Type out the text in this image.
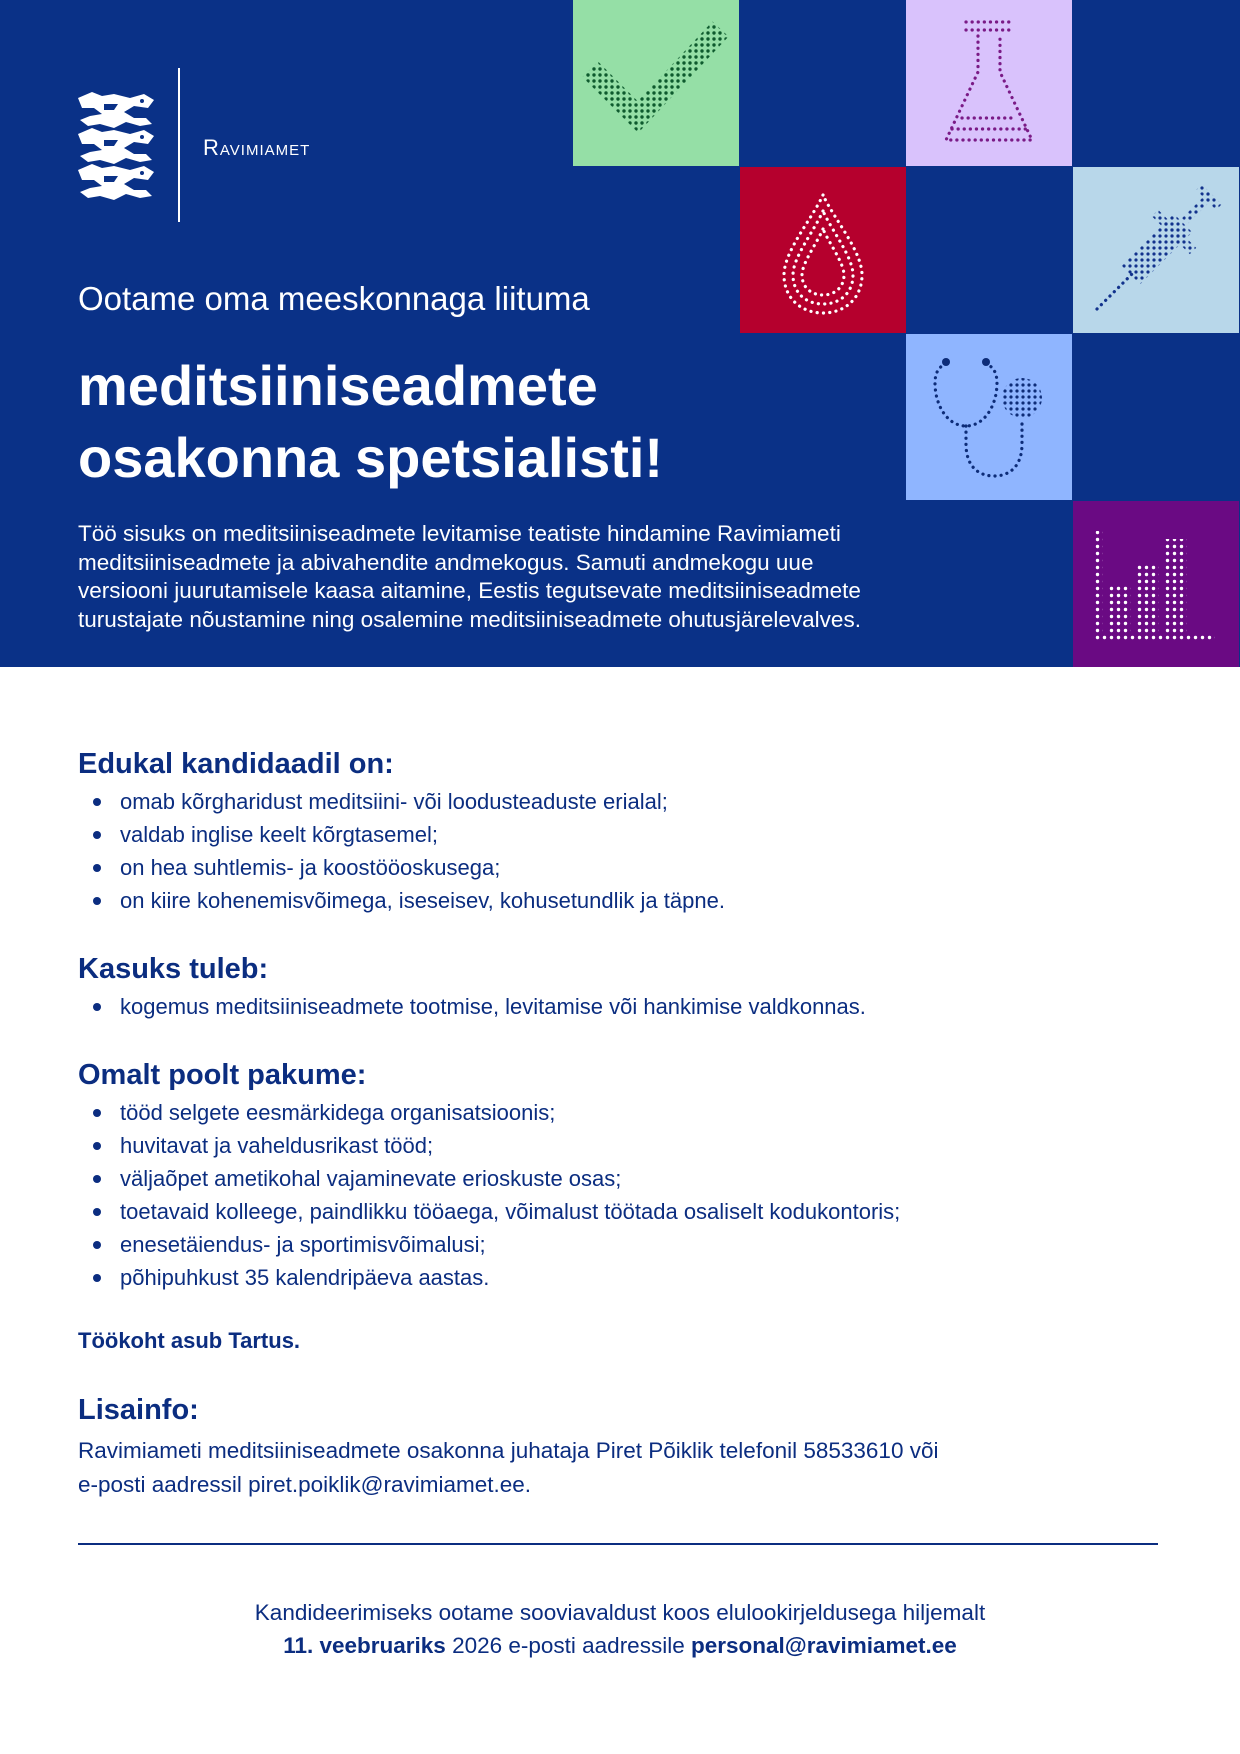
Ravimiamet
Ootame oma meeskonnaga liituma
meditsiiniseadmete
osakonna spetsialisti!
Töö sisuks on meditsiiniseadmete levitamise teatiste hindamine Ravimiameti
meditsiiniseadmete ja abivahendite andmekogus. Samuti andmekogu uue
versiooni juurutamisele kaasa aitamine, Eestis tegutsevate meditsiiniseadmete
turustajate nõustamine ning osalemine meditsiiniseadmete ohutusjärelevalves.
Edukal kandidaadil on:
omab kõrgharidust meditsiini- või loodusteaduste erialal;
valdab inglise keelt kõrgtasemel;
on hea suhtlemis- ja koostööoskusega;
on kiire kohenemisvõimega, iseseisev, kohusetundlik ja täpne.
Kasuks tuleb:
kogemus meditsiiniseadmete tootmise, levitamise või hankimise valdkonnas.
Omalt poolt pakume:
tööd selgete eesmärkidega organisatsioonis;
huvitavat ja vaheldusrikast tööd;
väljaõpet ametikohal vajaminevate erioskuste osas;
toetavaid kolleege, paindlikku tööaega, võimalust töötada osaliselt kodukontoris;
enesetäiendus- ja sportimisvõimalusi;
põhipuhkust 35 kalendripäeva aastas.
Töökoht asub Tartus.
Lisainfo:
Ravimiameti meditsiiniseadmete osakonna juhataja Piret Põiklik telefonil 58533610 või
e-posti aadressil piret.poiklik@ravimiamet.ee.
Kandideerimiseks ootame sooviavaldust koos elulookirjeldusega hiljemalt
11. veebruariks 2026 e-posti aadressile personal@ravimiamet.ee
